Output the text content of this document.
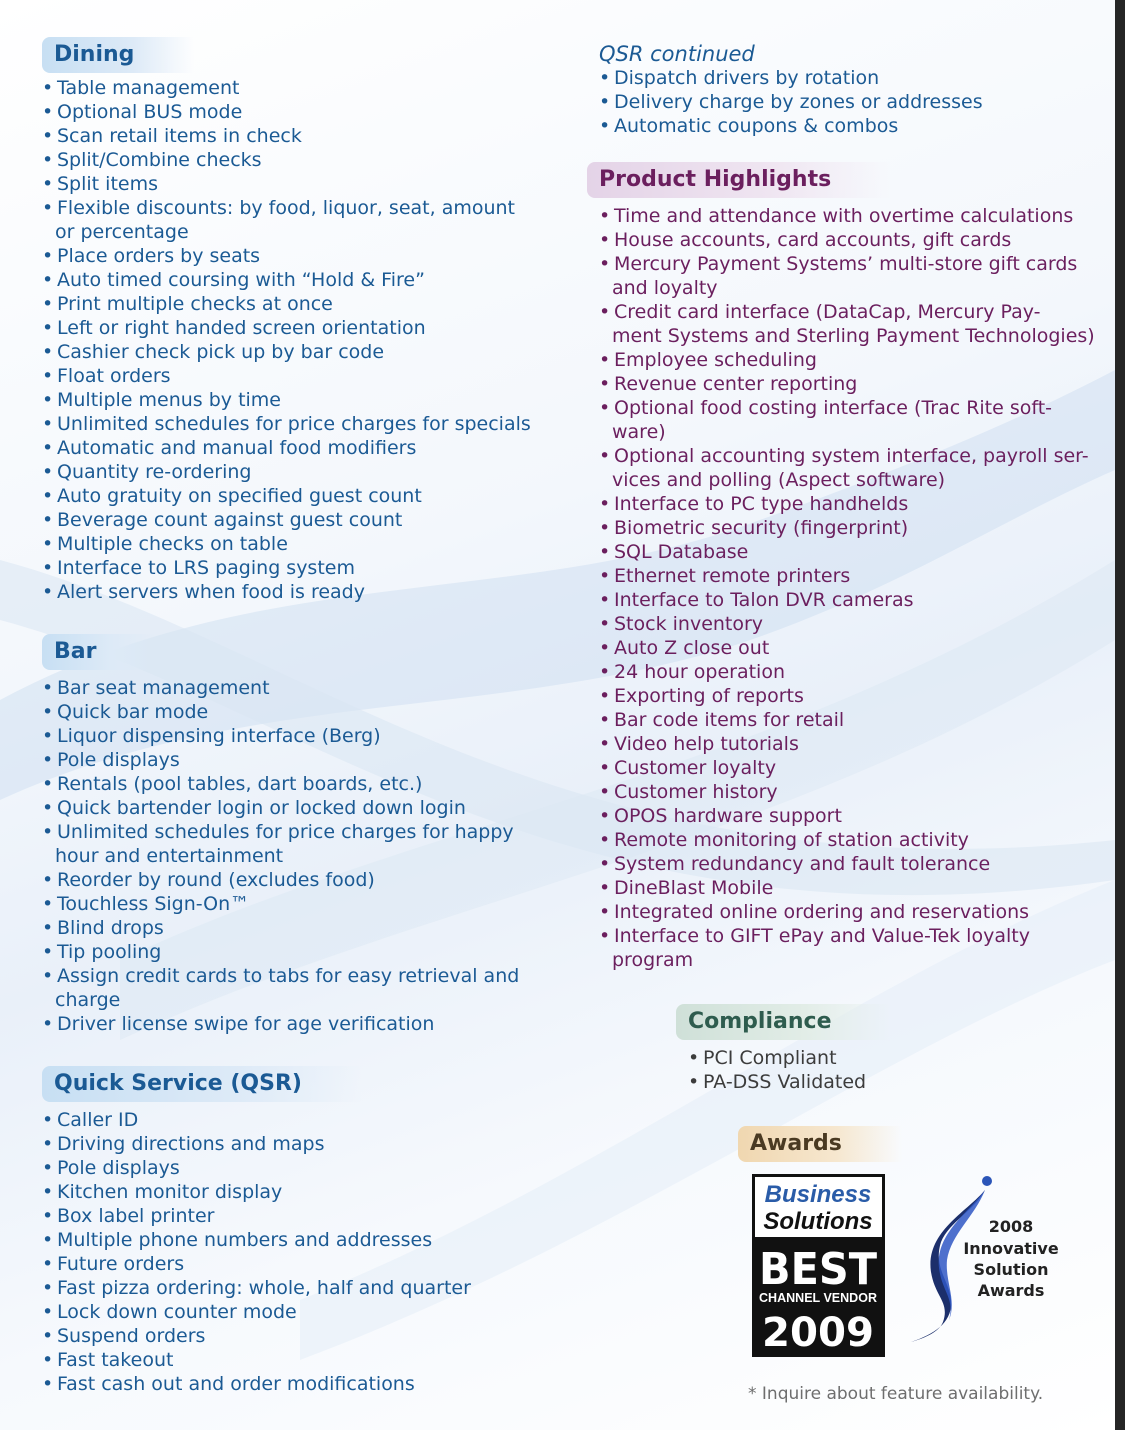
Dining
• Table management
• Optional BUS mode
• Scan retail items in check
• Split/Combine checks
• Split items
• Flexible discounts: by food, liquor, seat, amount
or percentage
• Place orders by seats
• Auto timed coursing with “Hold & Fire”
• Print multiple checks at once
• Left or right handed screen orientation
• Cashier check pick up by bar code
• Float orders
• Multiple menus by time
• Unlimited schedules for price charges for specials
• Automatic and manual food modifiers
• Quantity re-ordering
• Auto gratuity on specified guest count
• Beverage count against guest count
• Multiple checks on table
• Interface to LRS paging system
• Alert servers when food is ready
Bar
• Bar seat management
• Quick bar mode
• Liquor dispensing interface (Berg)
• Pole displays
• Rentals (pool tables, dart boards, etc.)
• Quick bartender login or locked down login
• Unlimited schedules for price charges for happy
hour and entertainment
• Reorder by round (excludes food)
• Touchless Sign-On™
• Blind drops
• Tip pooling
• Assign credit cards to tabs for easy retrieval and
charge
• Driver license swipe for age verification
Quick Service (QSR)
• Caller ID
• Driving directions and maps
• Pole displays
• Kitchen monitor display
• Box label printer
• Multiple phone numbers and addresses
• Future orders
• Fast pizza ordering: whole, half and quarter
• Lock down counter mode
• Suspend orders
• Fast takeout
• Fast cash out and order modifications

QSR continued

• Dispatch drivers by rotation
• Delivery charge by zones or addresses
• Automatic coupons & combos
Product Highlights
• Time and attendance with overtime calculations
• House accounts, card accounts, gift cards
• Mercury Payment Systems’ multi-store gift cards
and loyalty
• Credit card interface (DataCap, Mercury Pay-
ment Systems and Sterling Payment Technologies)
• Employee scheduling
• Revenue center reporting
• Optional food costing interface (Trac Rite soft-
ware)
• Optional accounting system interface, payroll ser-
vices and polling (Aspect software)
• Interface to PC type handhelds
• Biometric security (fingerprint)
• SQL Database
• Ethernet remote printers
• Interface to Talon DVR cameras
• Stock inventory
• Auto Z close out
• 24 hour operation
• Exporting of reports
• Bar code items for retail
• Video help tutorials
• Customer loyalty
• Customer history
• OPOS hardware support
• Remote monitoring of station activity
• System redundancy and fault tolerance
• DineBlast Mobile
• Integrated online ordering and reservations
• Interface to GIFT ePay and Value-Tek loyalty
program
Compliance
• PCI Compliant
• PA-DSS Validated
Awards
Business
Solutions
BEST
CHANNEL VENDOR
2009
2008
Innovative
Solution
Awards
* Inquire about feature availability.
